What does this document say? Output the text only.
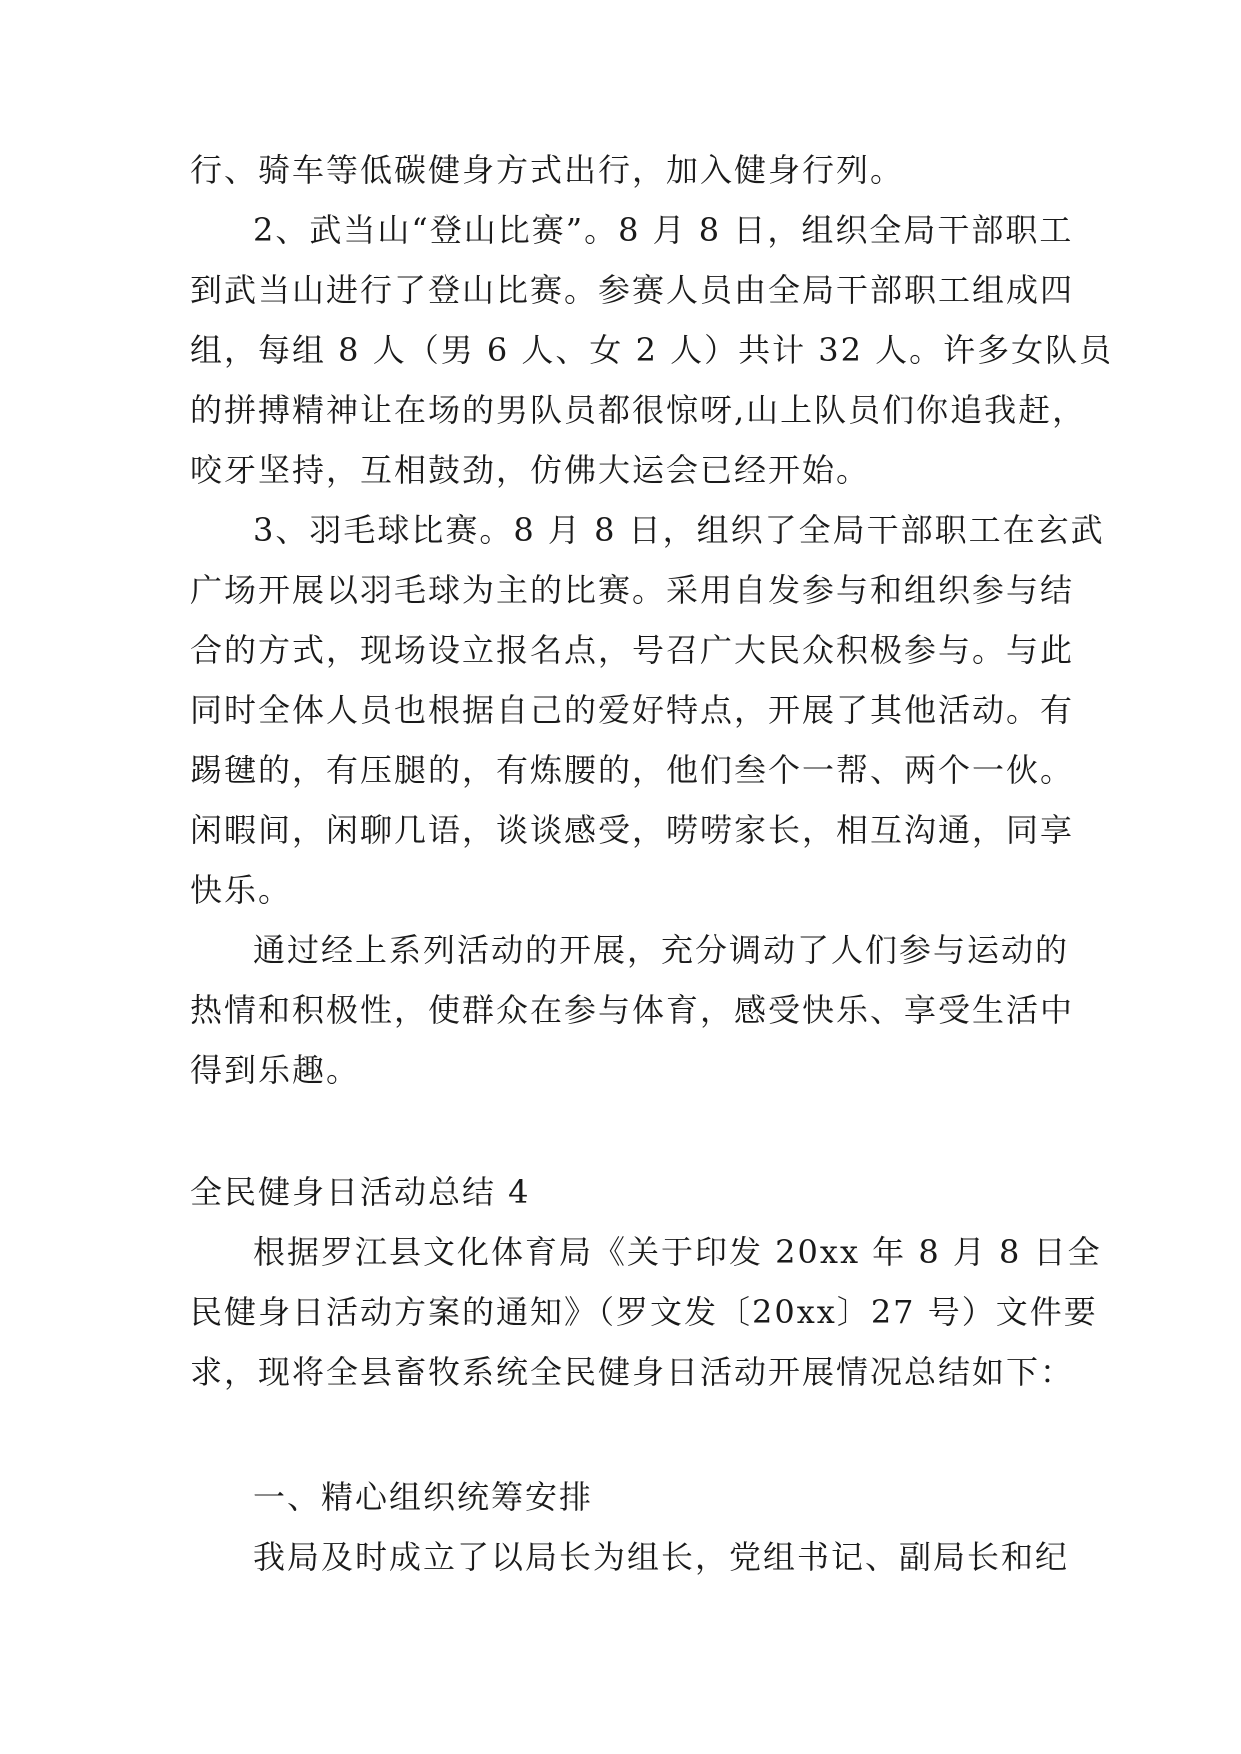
行、骑车等低碳健身方式出行，加入健身行列。
2、武当山“登山比赛”。8 月 8 日，组织全局干部职工
到武当山进行了登山比赛。参赛人员由全局干部职工组成四
组，每组 8 人（男 6 人、女 2 人）共计 32 人。许多女队员
的拼搏精神让在场的男队员都很惊呀,山上队员们你追我赶，
咬牙坚持，互相鼓劲，仿佛大运会已经开始。
3、羽毛球比赛。8 月 8 日，组织了全局干部职工在玄武
广场开展以羽毛球为主的比赛。采用自发参与和组织参与结
合的方式，现场设立报名点，号召广大民众积极参与。与此
同时全体人员也根据自己的爱好特点，开展了其他活动。有
踢毽的，有压腿的，有炼腰的，他们叁个一帮、两个一伙。
闲暇间，闲聊几语，谈谈感受，唠唠家长，相互沟通，同享
快乐。
通过经上系列活动的开展，充分调动了人们参与运动的
热情和积极性，使群众在参与体育，感受快乐、享受生活中
得到乐趣。
全民健身日活动总结 4
根据罗江县文化体育局《关于印发 20xx 年 8 月 8 日全
民健身日活动方案的通知》（罗文发〔20xx〕27 号）文件要
求，现将全县畜牧系统全民健身日活动开展情况总结如下：
一、精心组织统筹安排
我局及时成立了以局长为组长，党组书记、副局长和纪
